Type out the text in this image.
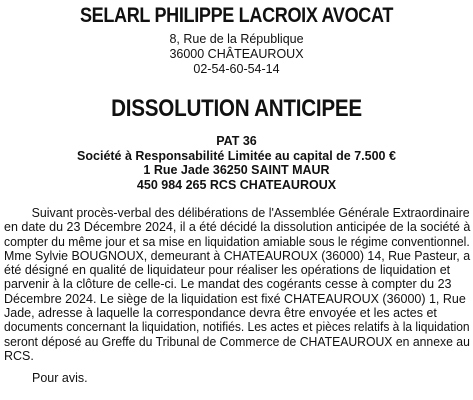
SELARL PHILIPPE LACROIX AVOCAT
8, Rue de la République
36000 CHÂTEAUROUX
02-54-60-54-14
DISSOLUTION ANTICIPEE
PAT 36
Société à Responsabilité Limitée au capital de 7.500 €
1 Rue Jade 36250 SAINT MAUR
450 984 265 RCS CHATEAUROUX
Suivant procès-verbal des délibérations de l'Assemblée Générale Extraordinaire
en date du 23 Décembre 2024, il a été décidé la dissolution anticipée de la société à
compter du même jour et sa mise en liquidation amiable sous le régime conventionnel.
Mme Sylvie BOUGNOUX, demeurant à CHATEAUROUX (36000) 14, Rue Pasteur, a
été désigné en qualité de liquidateur pour réaliser les opérations de liquidation et
parvenir à la clôture de celle-ci. Le mandat des cogérants cesse à compter du 23
Décembre 2024. Le siège de la liquidation est fixé CHATEAUROUX (36000) 1, Rue
Jade, adresse à laquelle la correspondance devra être envoyée et les actes et
documents concernant la liquidation, notifiés. Les actes et pièces relatifs à la liquidation
seront déposé au Greffe du Tribunal de Commerce de CHATEAUROUX en annexe au
RCS.
Pour avis.
